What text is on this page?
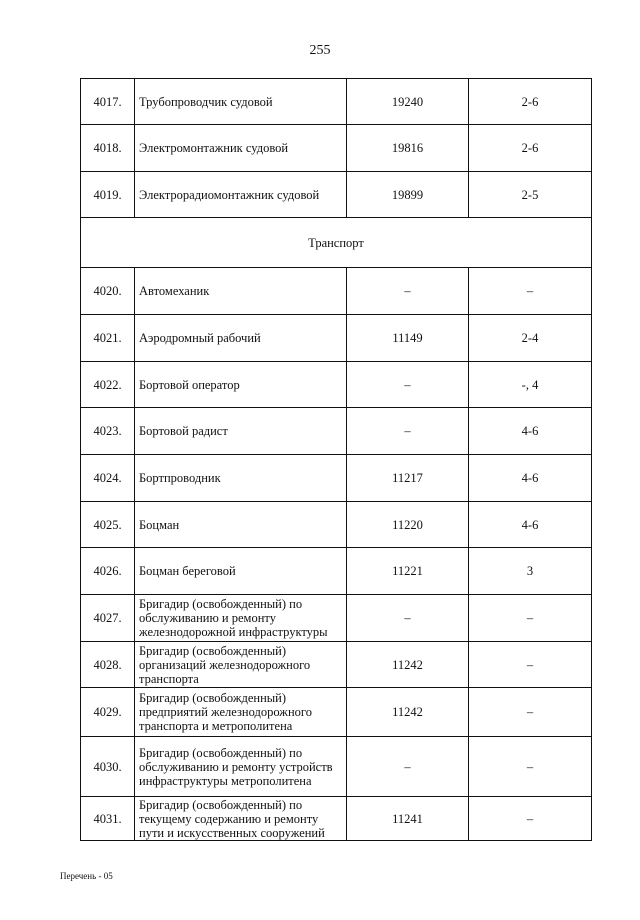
255
4017.	Трубопроводчик судовой	19240	2-6
4018.	Электромонтажник судовой	19816	2-6
4019.	Электрорадиомонтажник судовой	19899	2-5
Транспорт			
4020.	Автомеханик	–	–
4021.	Аэродромный рабочий	11149	2-4
4022.	Бортовой оператор	–	-, 4
4023.	Бортовой радист	–	4-6
4024.	Бортпроводник	11217	4-6
4025.	Боцман	11220	4-6
4026.	Боцман береговой	11221	3
4027.	Бригадир (освобожденный) по обслуживанию и ремонту железнодорожной инфраструктуры	–	–
4028.	Бригадир (освобожденный) организаций железнодорожного транспорта	11242	–
4029.	Бригадир (освобожденный) предприятий железнодорожного транспорта и метрополитена	11242	–
4030.	Бригадир (освобожденный) по обслуживанию и ремонту устройств инфраструктуры метрополитена	–	–
4031.	Бригадир (освобожденный) по текущему содержанию и ремонту пути и искусственных сооружений	11241	–
Перечень - 05
